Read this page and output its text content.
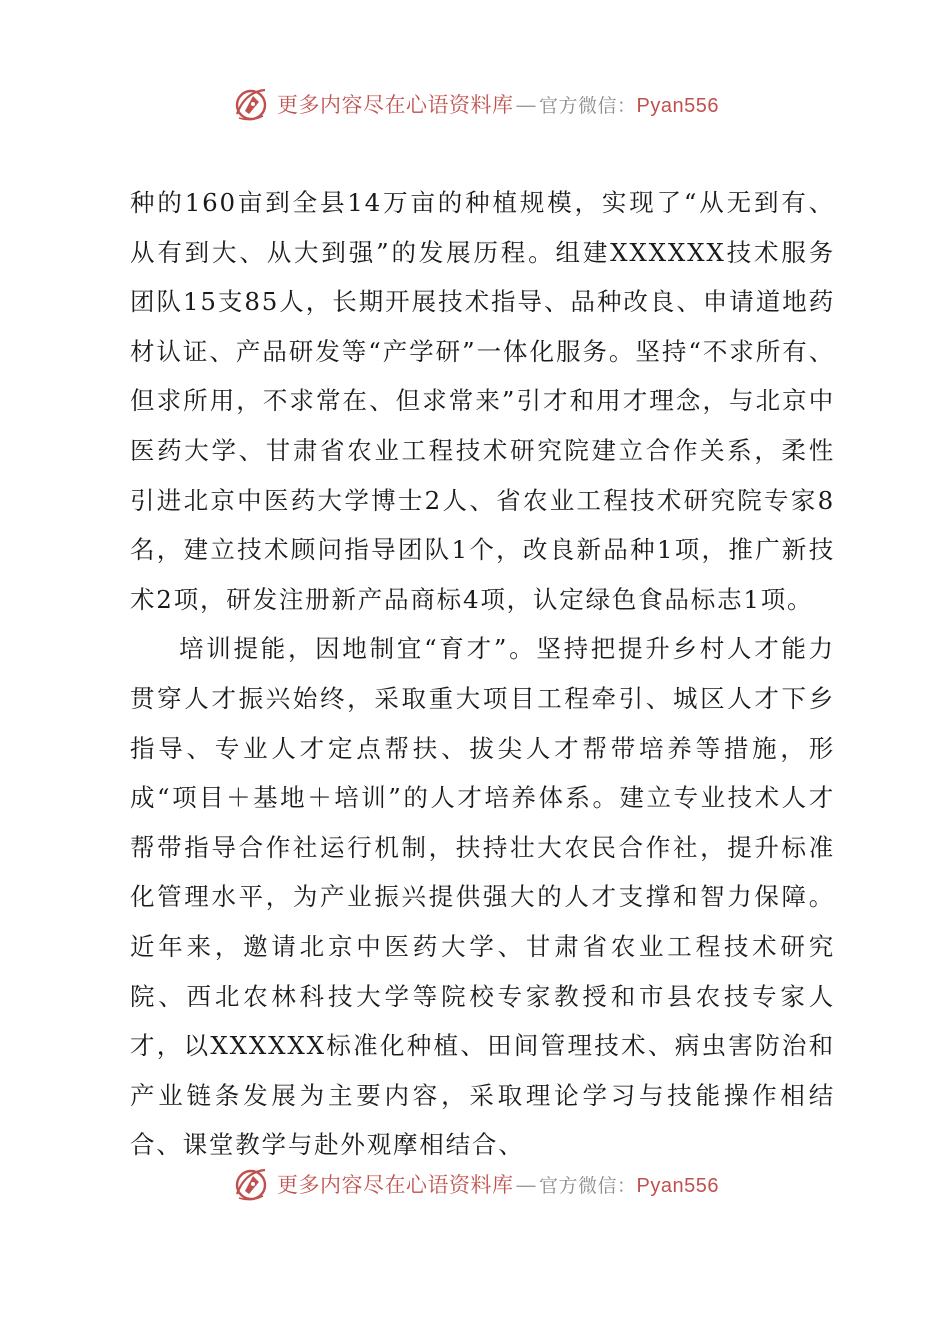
更多内容尽在心语资料库 — 官方微信： Pyan556

种的160亩到全县14万亩的种植规模，实现了“从无到有、从有到大、从大到强”的发展历程。组建XXXXXX技术服务团队15支85人，长期开展技术指导、品种改良、申请道地药材认证、产品研发等“产学研”一体化服务。坚持“不求所有、但求所用，不求常在、但求常来”引才和用才理念，与北京中医药大学、甘肃省农业工程技术研究院建立合作关系，柔性引进北京中医药大学博士2人、省农业工程技术研究院专家8名，建立技术顾问指导团队1个，改良新品种1项，推广新技术2项，研发注册新产品商标4项，认定绿色食品标志1项。

培训提能，因地制宜“育才”。坚持把提升乡村人才能力贯穿人才振兴始终，采取重大项目工程牵引、城区人才下乡指导、专业人才定点帮扶、拔尖人才帮带培养等措施，形成“项目＋基地＋培训”的人才培养体系。建立专业技术人才帮带指导合作社运行机制，扶持壮大农民合作社，提升标准化管理水平，为产业振兴提供强大的人才支撑和智力保障。近年来，邀请北京中医药大学、甘肃省农业工程技术研究院、西北农林科技大学等院校专家教授和市县农技专家人才，以XXXXXX标准化种植、田间管理技术、病虫害防治和产业链条发展为主要内容，采取理论学习与技能操作相结合、课堂教学与赴外观摩相结合、

更多内容尽在心语资料库 — 官方微信： Pyan556
